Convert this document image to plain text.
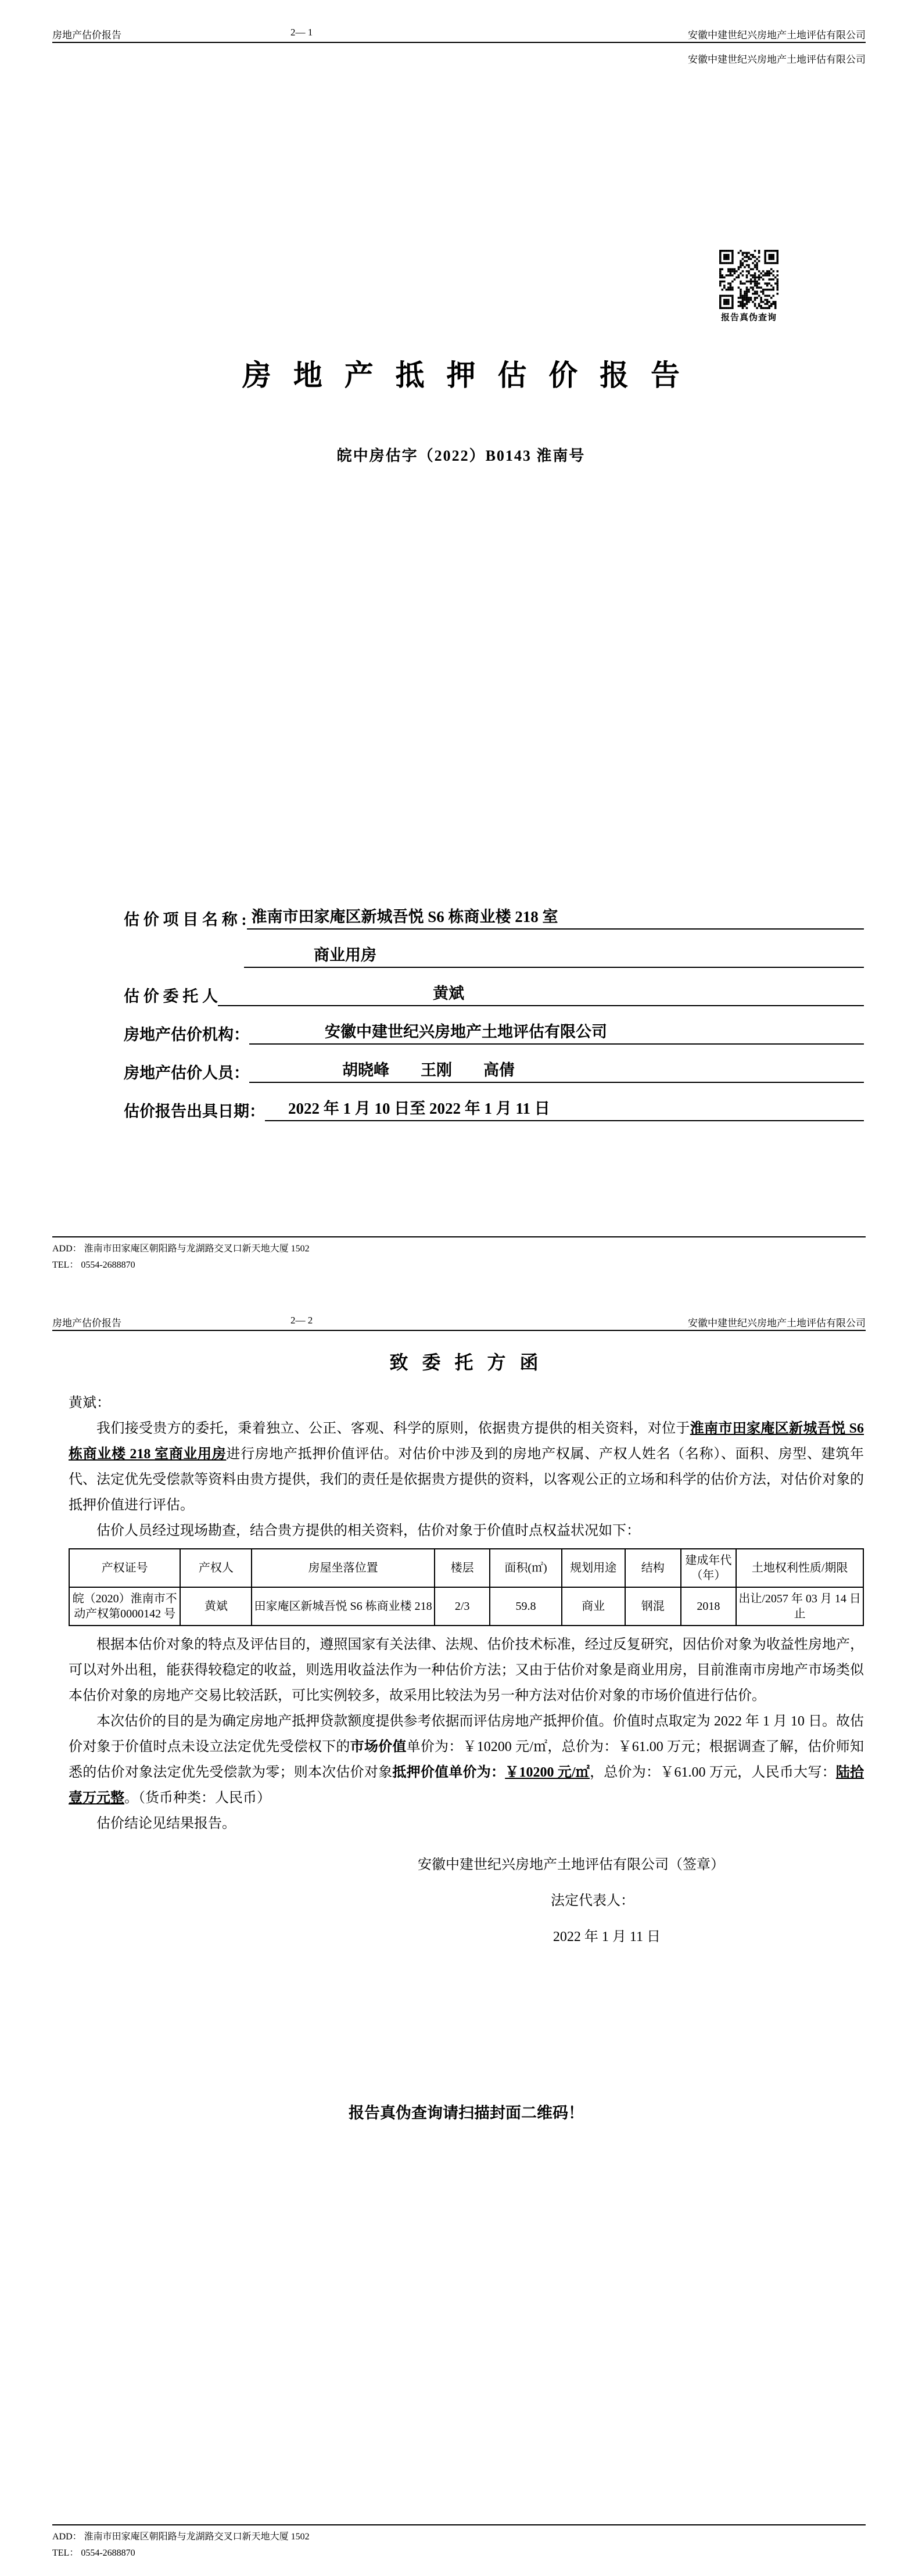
房地产估价报告	2— 1	安徽中建世纪兴房地产土地评估有限公司
安徽中建世纪兴房地产土地评估有限公司
报告真伪查询
房 地 产 抵 押 估 价 报 告
皖中房估字（2022）B0143 淮南号
估 价 项 目 名 称 : 淮南市田家庵区新城吾悦 S6 栋商业楼 218 室
商业用房
估 价 委 托 人	黄斌
房地产估价机构：	安徽中建世纪兴房地产土地评估有限公司
房地产估价人员：	胡晓峰　　王刚　　高倩
估价报告出具日期：	2022 年 1 月 10 日至 2022 年 1 月 11 日
ADD： 淮南市田家庵区朝阳路与龙湖路交叉口新天地大厦 1502
TEL： 0554-2688870
房地产估价报告	2— 2	安徽中建世纪兴房地产土地评估有限公司
致 委 托 方 函

黄斌：

我们接受贵方的委托，秉着独立、公正、客观、科学的原则，依据贵方提供的相关资料，对位于淮南市田家庵区新城吾悦 S6 栋商业楼 218 室商业用房进行房地产抵押价值评估。对估价中涉及到的房地产权属、产权人姓名（名称）、面积、房型、建筑年代、法定优先受偿款等资料由贵方提供，我们的责任是依据贵方提供的资料，以客观公正的立场和科学的估价方法，对估价对象的抵押价值进行评估。

估价人员经过现场勘查，结合贵方提供的相关资料，估价对象于价值时点权益状况如下：

产权证号	产权人	房屋坐落位置	楼层	面积(㎡)	规划用途	结构	建成年代（年）	土地权利性质/期限
皖（2020）淮南市不动产权第0000142 号	黄斌	田家庵区新城吾悦 S6 栋商业楼 218	2/3	59.8	商业	钢混	2018	出让/2057 年 03 月 14 日止

根据本估价对象的特点及评估目的，遵照国家有关法律、法规、估价技术标准，经过反复研究，因估价对象为收益性房地产，可以对外出租，能获得较稳定的收益，则选用收益法作为一种估价方法；又由于估价对象是商业用房，目前淮南市房地产市场类似本估价对象的房地产交易比较活跃，可比实例较多，故采用比较法为另一种方法对估价对象的市场价值进行估价。

本次估价的目的是为确定房地产抵押贷款额度提供参考依据而评估房地产抵押价值。价值时点取定为 2022 年 1 月 10 日。故估价对象于价值时点未设立法定优先受偿权下的市场价值单价为：￥10200 元/㎡，总价为：￥61.00 万元；根据调查了解，估价师知悉的估价对象法定优先受偿款为零；则本次估价对象抵押价值单价为：￥10200 元/㎡，总价为：￥61.00 万元，人民币大写：陆拾壹万元整。（货币种类：人民币）

估价结论见结果报告。

安徽中建世纪兴房地产土地评估有限公司（签章）
法定代表人：
2022 年 1 月 11 日
报告真伪查询请扫描封面二维码！
ADD： 淮南市田家庵区朝阳路与龙湖路交叉口新天地大厦 1502
TEL： 0554-2688870
